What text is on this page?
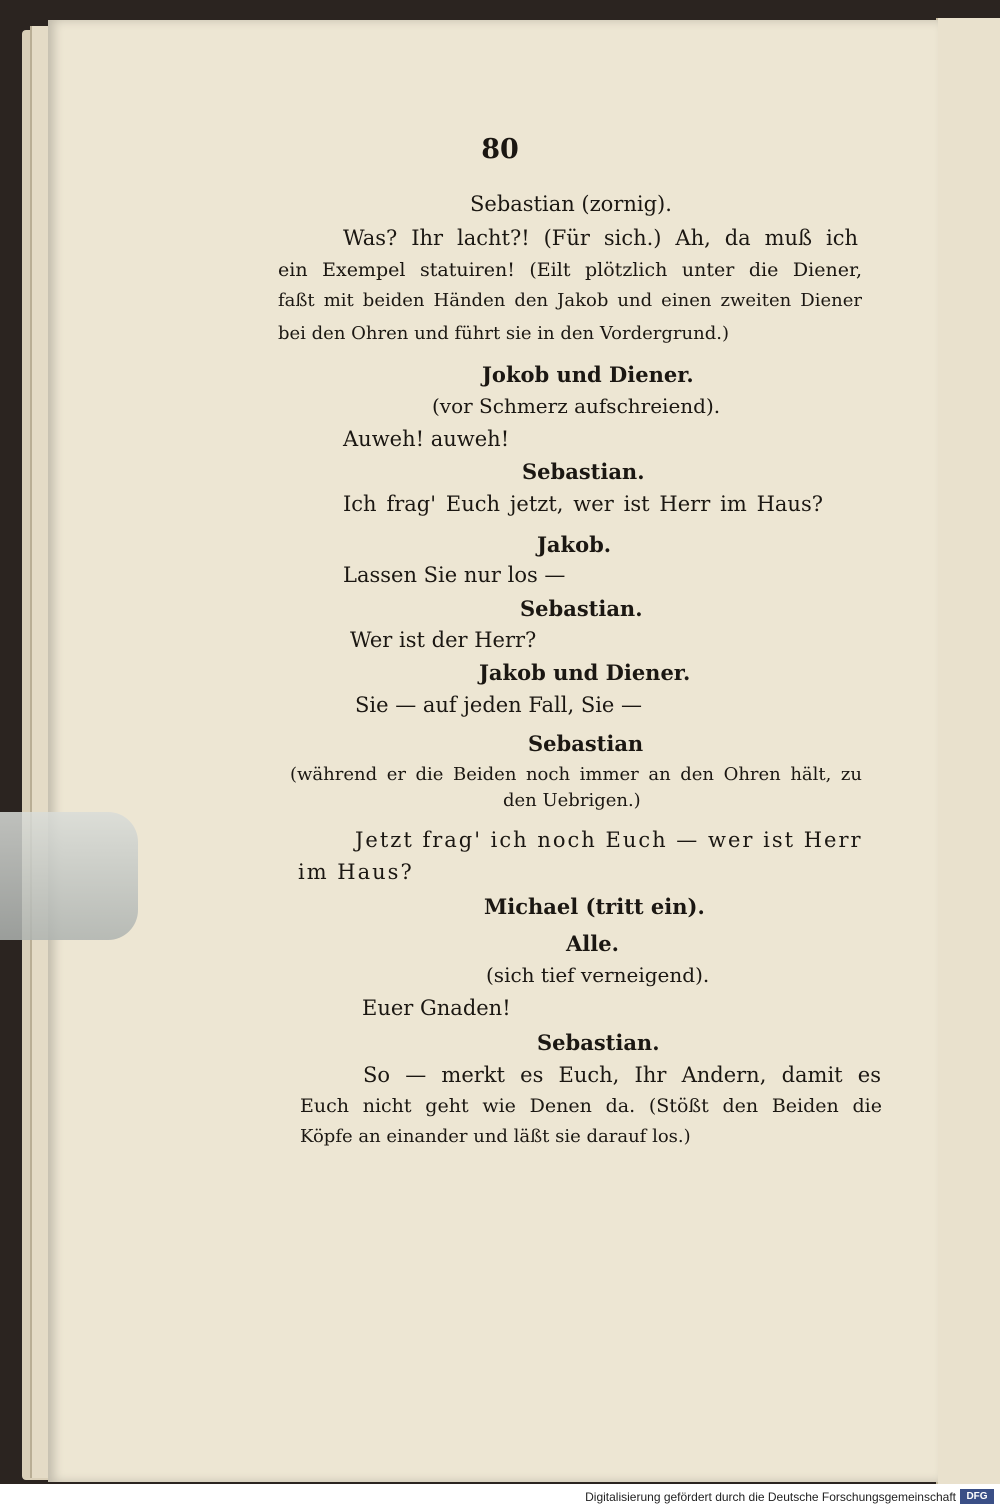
80
Sebastian (zornig).
Was? Ihr lacht?! (Für sich.) Ah, da muß ich
ein Exempel statuiren! (Eilt plötzlich unter die Diener,
faßt mit beiden Händen den Jakob und einen zweiten Diener
bei den Ohren und führt sie in den Vordergrund.)
Jokob und Diener.
(vor Schmerz aufschreiend).
Auweh! auweh!
Sebastian.
Ich frag' Euch jetzt, wer ist Herr im Haus?
Jakob.
Lassen Sie nur los —
Sebastian.
Wer ist der Herr?
Jakob und Diener.
Sie — auf jeden Fall, Sie —
Sebastian
(während er die Beiden noch immer an den Ohren hält, zu
den Uebrigen.)
Jetzt frag' ich noch Euch — wer ist Herr
im Haus?
Michael (tritt ein).
Alle.
(sich tief verneigend).
Euer Gnaden!
Sebastian.
So — merkt es Euch, Ihr Andern, damit es
Euch nicht geht wie Denen da. (Stößt den Beiden die
Köpfe an einander und läßt sie darauf los.)
Digitalisierung gefördert durch die Deutsche Forschungsgemeinschaft	DFG
